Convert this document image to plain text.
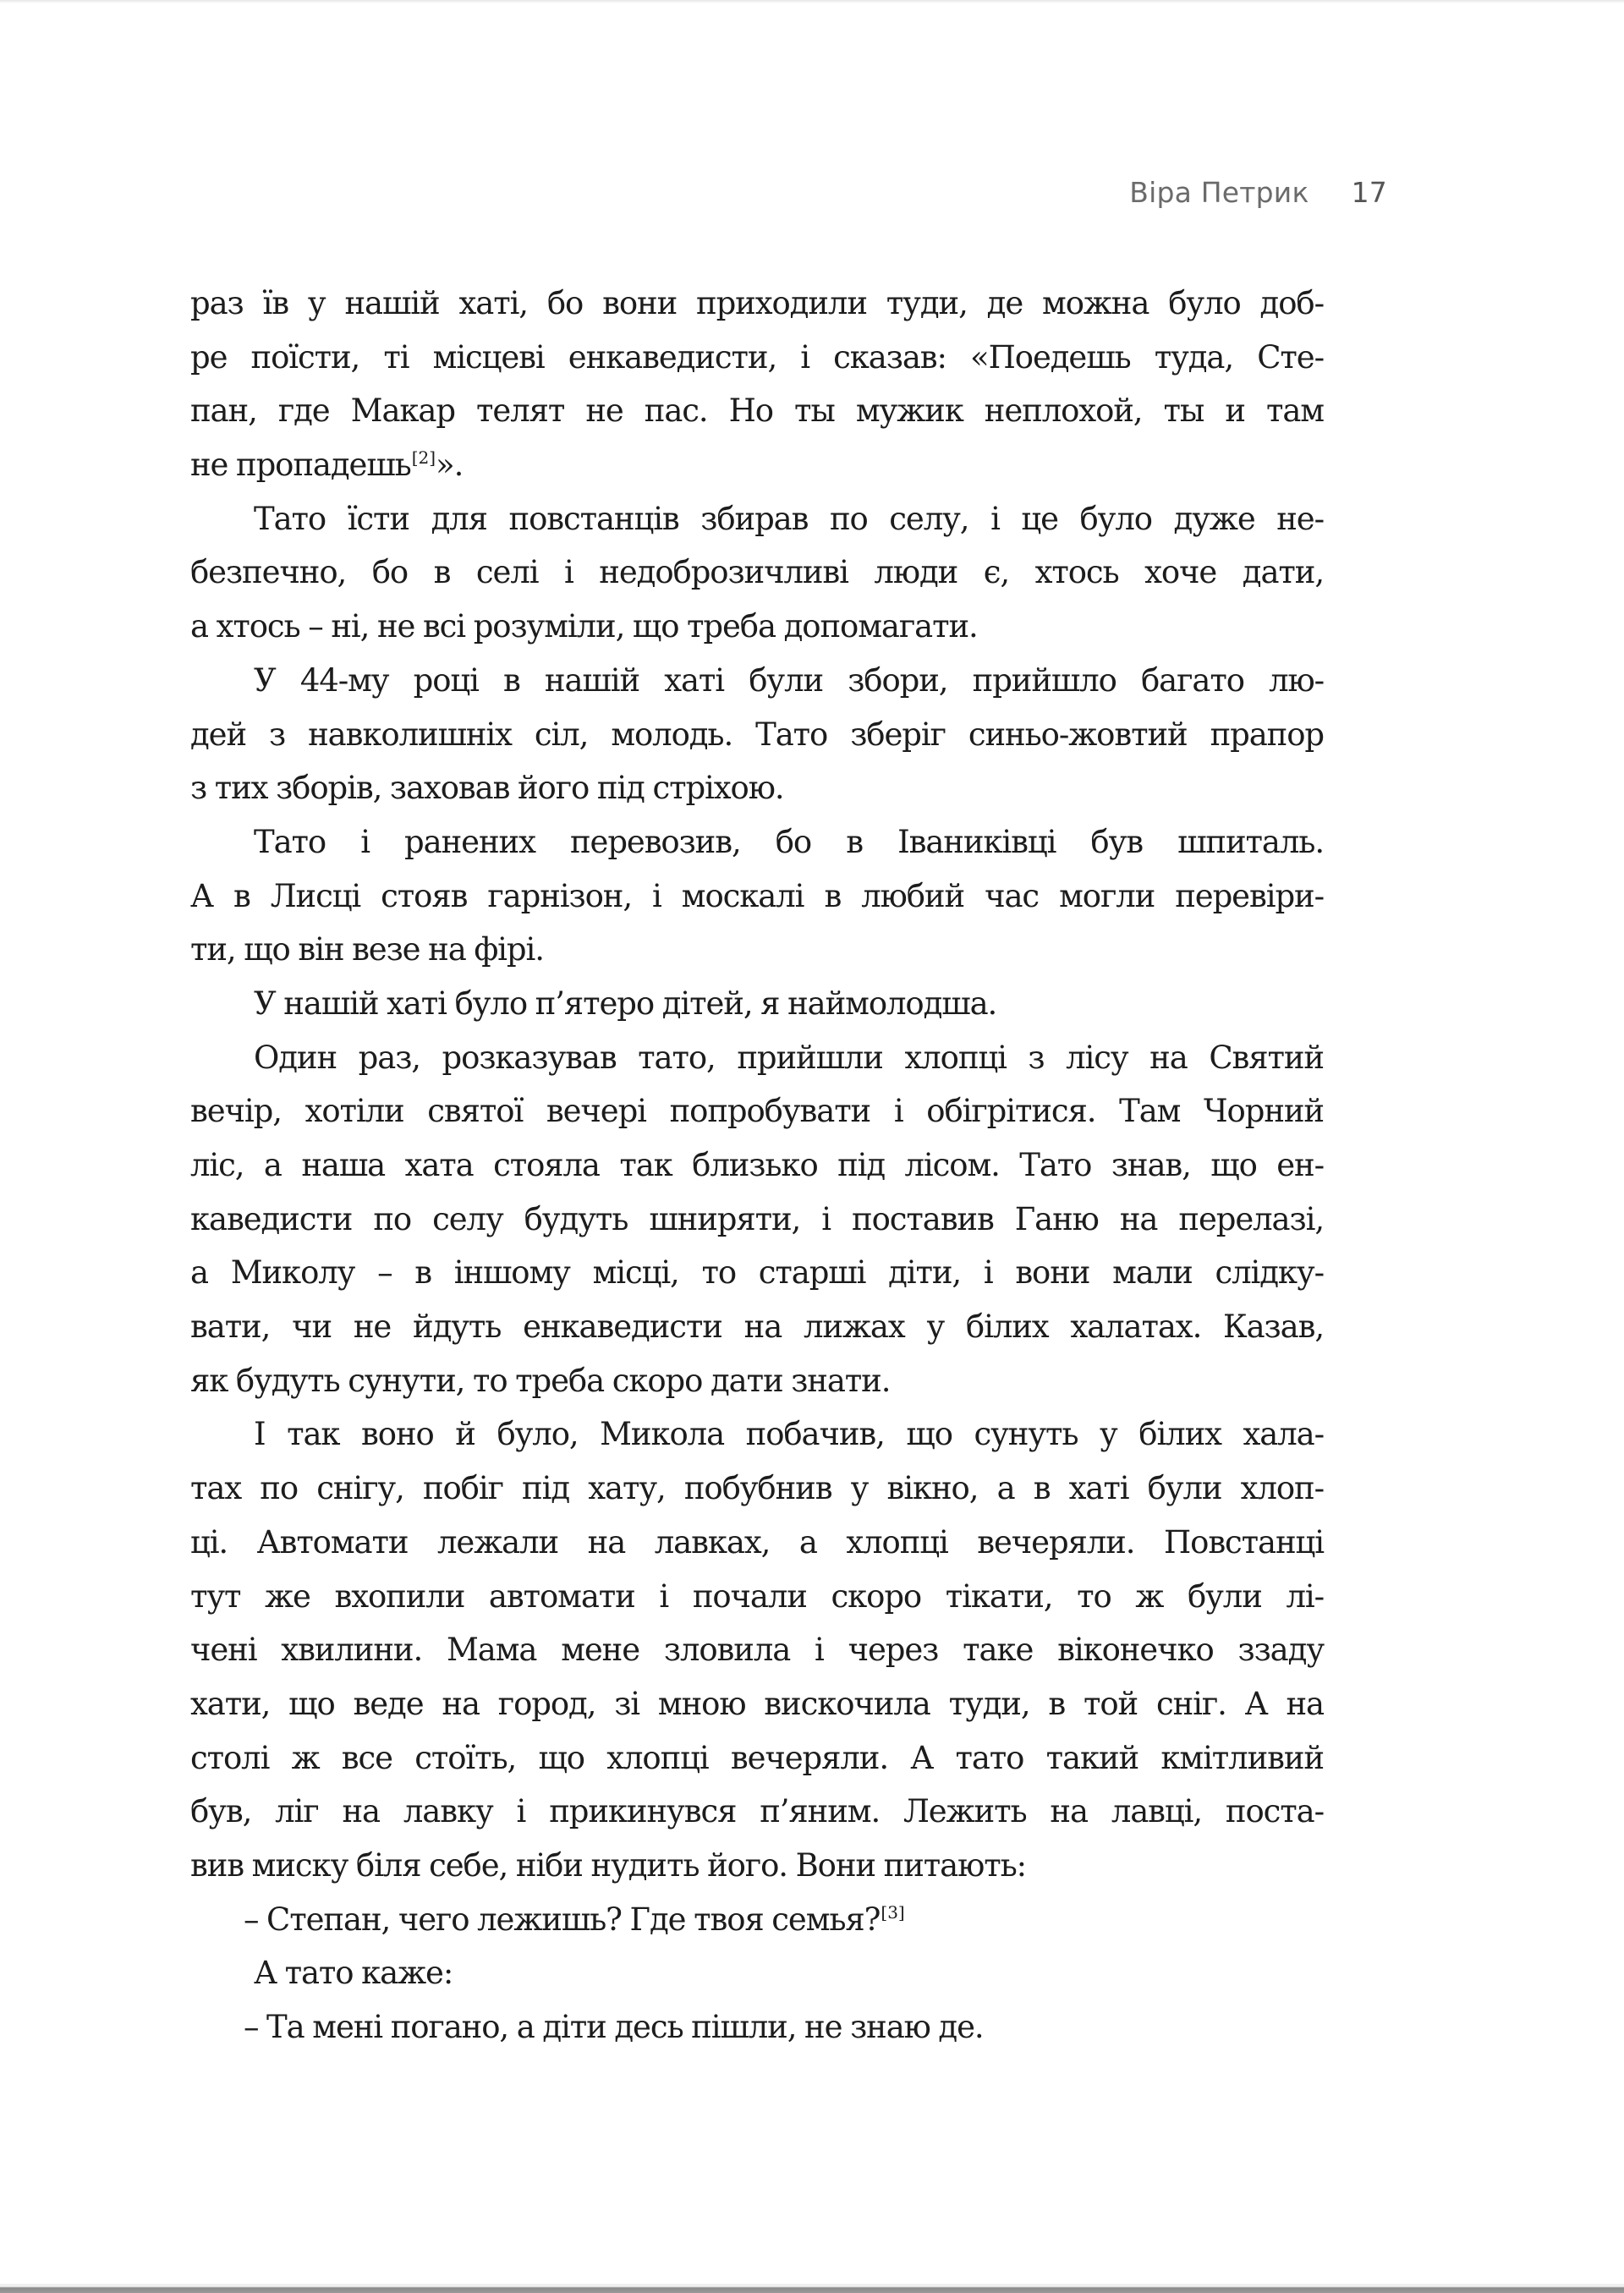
Віра Петрик 17
раз їв у нашій хаті, бо вони приходили туди, де можна було доб-
ре поїсти, ті місцеві енкаведисти, і сказав: «Поедешь туда, Сте-
пан, где Макар телят не пас. Но ты мужик неплохой, ты и там
не пропадешь[2]».
Тато їсти для повстанців збирав по селу, і це було дуже не-
безпечно, бо в селі і недоброзичливі люди є, хтось хоче дати,
а хтось – ні, не всі розуміли, що треба допомагати.
У 44-му році в нашій хаті були збори, прийшло багато лю-
дей з навколишніх сіл, молодь. Тато зберіг синьо-жовтий прапор
з тих зборів, заховав його під стріхою.
Тато і ранених перевозив, бо в Іваниківці був шпиталь.
А в Лисці стояв гарнізон, і москалі в любий час могли перевіри-
ти, що він везе на фірі.
У нашій хаті було п’ятеро дітей, я наймолодша.
Один раз, розказував тато, прийшли хлопці з лісу на Святий
вечір, хотіли святої вечері попробувати і обігрітися. Там Чорний
ліс, а наша хата стояла так близько під лісом. Тато знав, що ен-
каведисти по селу будуть шниряти, і поставив Ганю на перелазі,
а Миколу – в іншому місці, то старші діти, і вони мали слідку-
вати, чи не йдуть енкаведисти на лижах у білих халатах. Казав,
як будуть сунути, то треба скоро дати знати.
І так воно й було, Микола побачив, що сунуть у білих хала-
тах по снігу, побіг під хату, побубнив у вікно, а в хаті були хлоп-
ці. Автомати лежали на лавках, а хлопці вечеряли. Повстанці
тут же вхопили автомати і почали скоро тікати, то ж були лі-
чені хвилини. Мама мене зловила і через таке віконечко ззаду
хати, що веде на город, зі мною вискочила туди, в той сніг. А на
столі ж все стоїть, що хлопці вечеряли. А тато такий кмітливий
був, ліг на лавку і прикинувся п’яним. Лежить на лавці, поста-
вив миску біля себе, ніби нудить його. Вони питають:
– Степан, чего лежишь? Где твоя семья?[3]
А тато каже:
– Та мені погано, а діти десь пішли, не знаю де.
